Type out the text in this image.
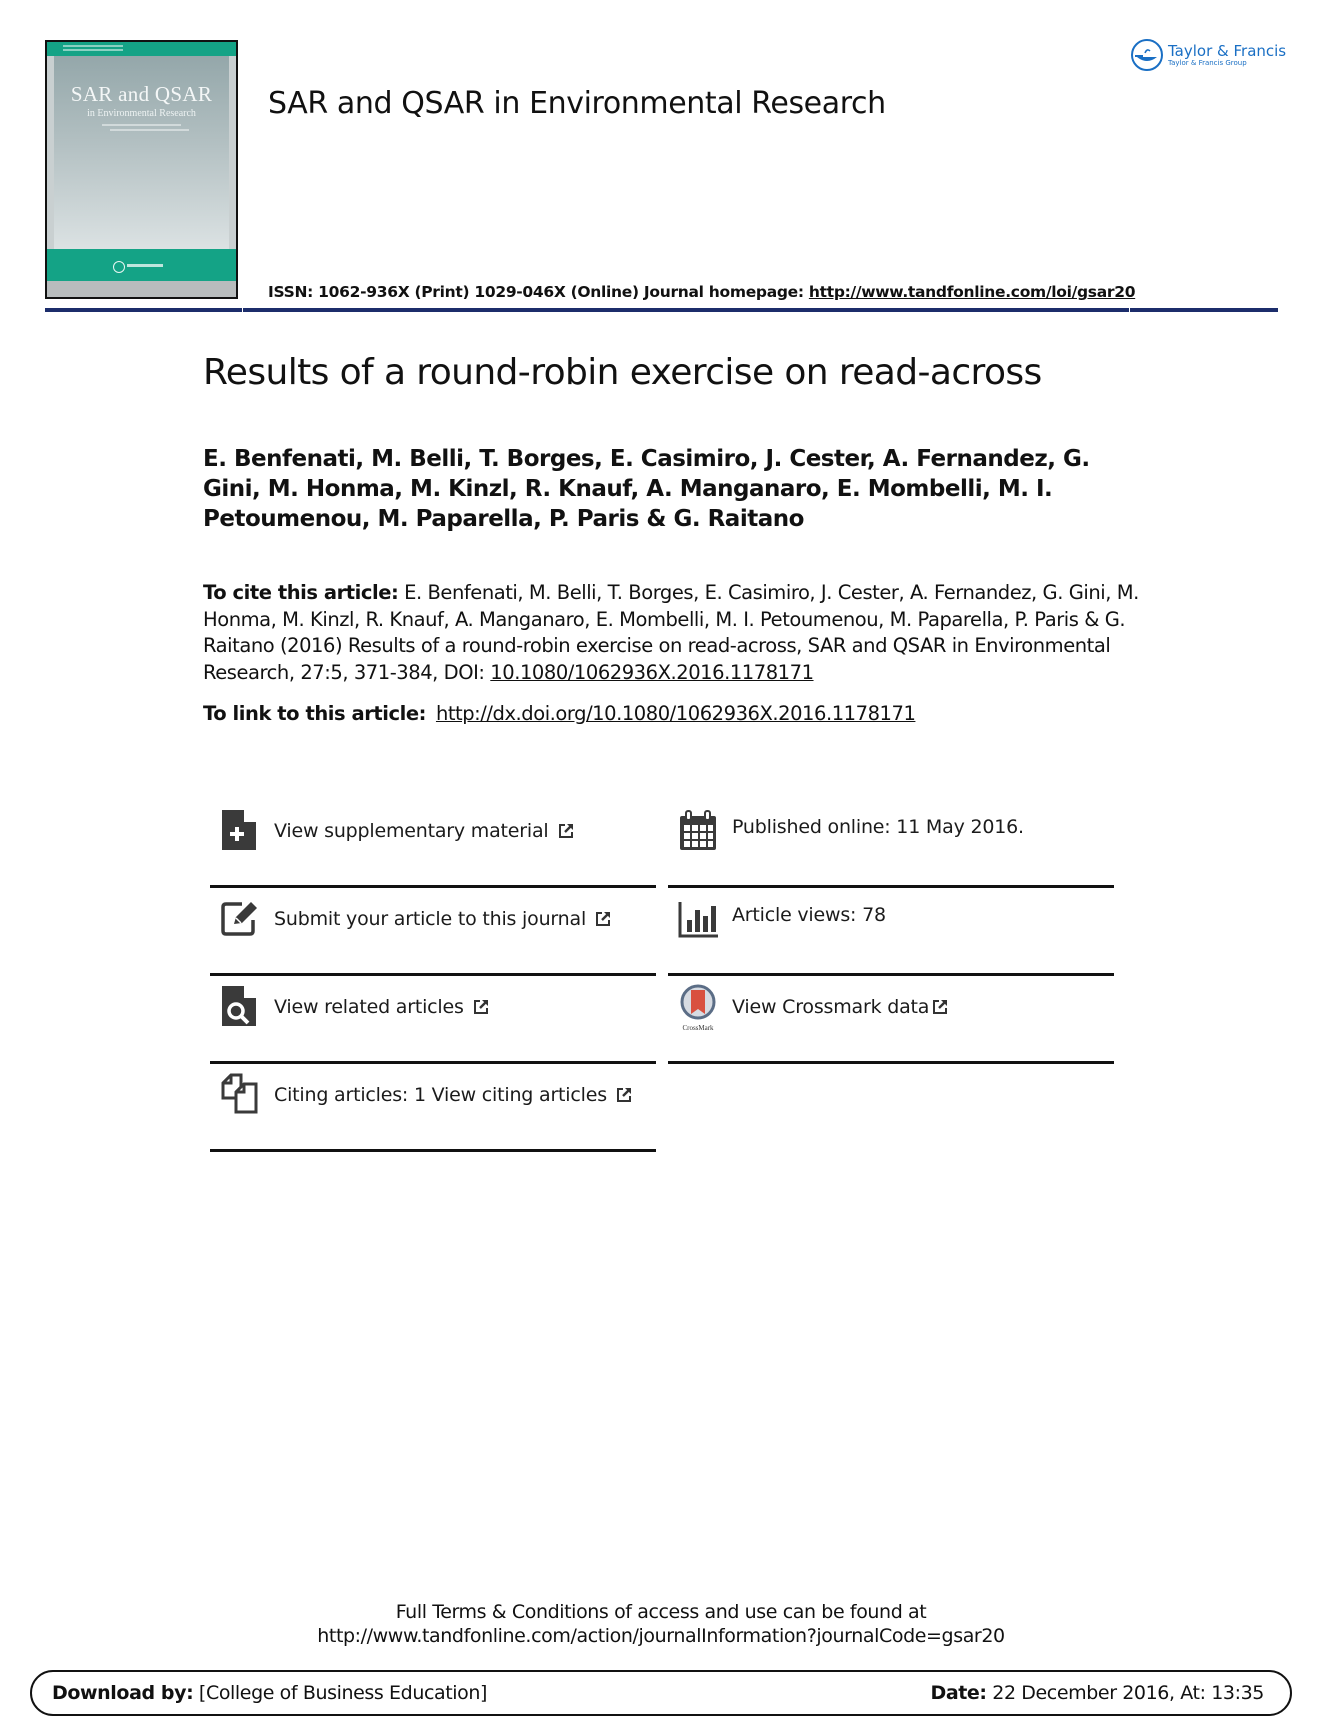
SAR and QSAR
in Environmental Research	SAR and QSAR in Environmental Research
Taylor & Francis
Taylor & Francis Group
ISSN: 1062-936X (Print) 1029-046X (Online) Journal homepage: http://www.tandfonline.com/loi/gsar20
Results of a round-robin exercise on read-across
E. Benfenati, M. Belli, T. Borges, E. Casimiro, J. Cester, A. Fernandez, G. Gini, M. Honma, M. Kinzl, R. Knauf, A. Manganaro, E. Mombelli, M. I. Petoumenou, M. Paparella, P. Paris & G. Raitano
To cite this article: E. Benfenati, M. Belli, T. Borges, E. Casimiro, J. Cester, A. Fernandez, G. Gini, M. Honma, M. Kinzl, R. Knauf, A. Manganaro, E. Mombelli, M. I. Petoumenou, M. Paparella, P. Paris & G. Raitano (2016) Results of a round-robin exercise on read-across, SAR and QSAR in Environmental Research, 27:5, 371-384, DOI: 10.1080/1062936X.2016.1178171
To link to this article: http://dx.doi.org/10.1080/1062936X.2016.1178171
View supplementary material
Submit your article to this journal
View related articles
Citing articles: 1 View citing articles
Published online: 11 May 2016.
Article views: 78
CrossMark
View Crossmark data
Full Terms & Conditions of access and use can be found at
http://www.tandfonline.com/action/journalInformation?journalCode=gsar20
Download by: [College of Business Education]	Date: 22 December 2016, At: 13:35
